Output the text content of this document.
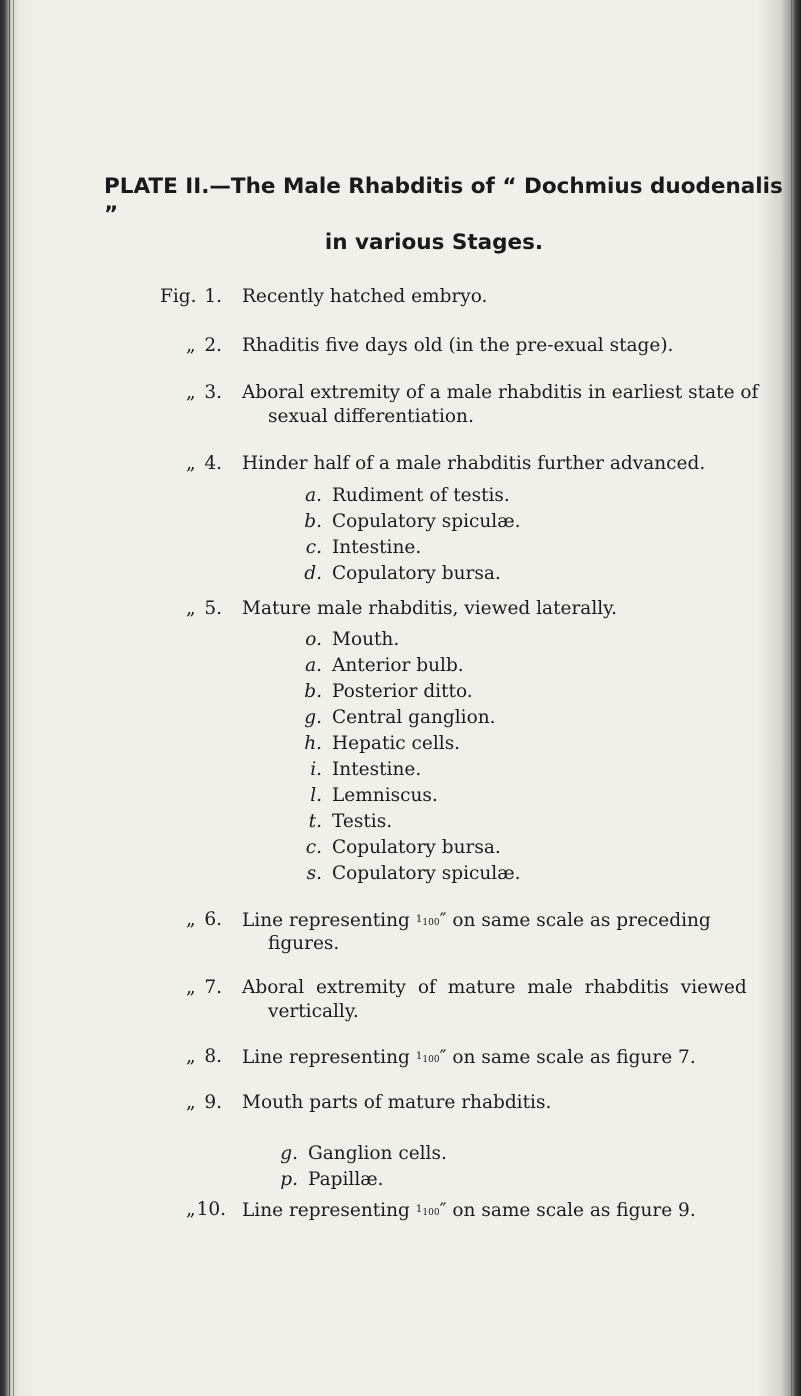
PLATE II.—The Male Rhabditis of “ Dochmius duodenalis ”
in various Stages.
Fig. 1. Recently hatched embryo.
„ 2. Rhaditis five days old (in the pre-exual stage).
„ 3. Aboral extremity of a male rhabditis in earliest state of
sexual differentiation.
„ 4. Hinder half of a male rhabditis further advanced.
a. Rudiment of testis.
b. Copulatory spiculæ.
c. Intestine.
d. Copulatory bursa.
„ 5. Mature male rhabditis, viewed laterally.
o. Mouth.
a. Anterior bulb.
b. Posterior ditto.
g. Central ganglion.
h. Hepatic cells.
i. Intestine.
l. Lemniscus.
t. Testis.
c. Copulatory bursa.
s. Copulatory spiculæ.
„ 6. Line representing $^{1_{100}}$″ on same scale as preceding
figures.
„ 7. Aboral extremity of mature male rhabditis viewed
vertically.
„ 8. Line representing $^{1_{100}}$″ on same scale as figure 7.
„ 9. Mouth parts of mature rhabditis.
g. Ganglion cells.
p. Papillæ.
„ 10. Line representing $^{1_{100}}$″ on same scale as figure 9.
